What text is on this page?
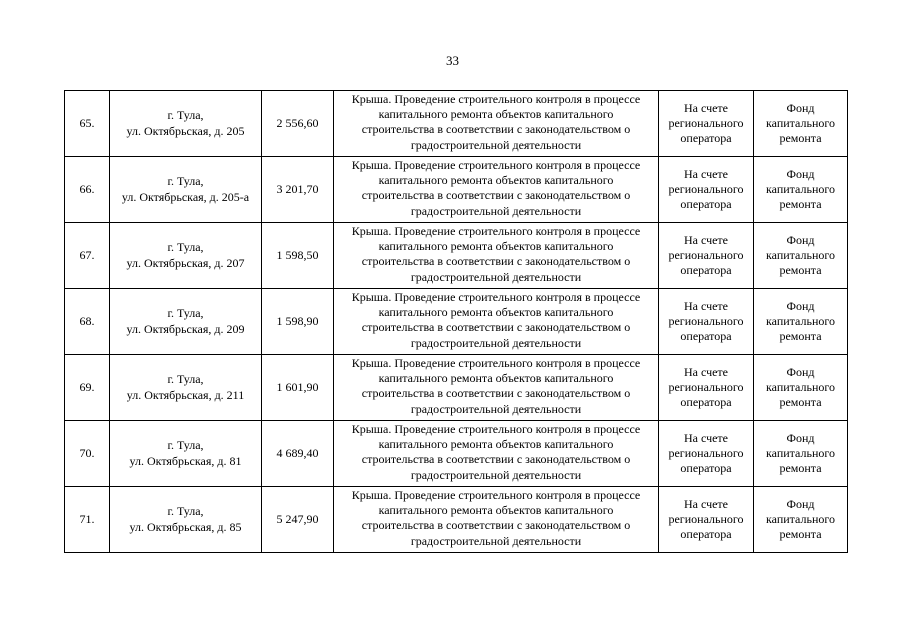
33
65.	г. Тула,
ул. Октябрьская, д. 205	2 556,60	Крыша. Проведение строительного контроля в процессе
капитального ремонта объектов капитального
строительства в соответствии с законодательством о
градостроительной деятельности	На счете
регионального
оператора	Фонд
капитального
ремонта

66.	г. Тула,
ул. Октябрьская, д. 205-а	3 201,70	Крыша. Проведение строительного контроля в процессе
капитального ремонта объектов капитального
строительства в соответствии с законодательством о
градостроительной деятельности	На счете
регионального
оператора	Фонд
капитального
ремонта

67.	г. Тула,
ул. Октябрьская, д. 207	1 598,50	Крыша. Проведение строительного контроля в процессе
капитального ремонта объектов капитального
строительства в соответствии с законодательством о
градостроительной деятельности	На счете
регионального
оператора	Фонд
капитального
ремонта

68.	г. Тула,
ул. Октябрьская, д. 209	1 598,90	Крыша. Проведение строительного контроля в процессе
капитального ремонта объектов капитального
строительства в соответствии с законодательством о
градостроительной деятельности	На счете
регионального
оператора	Фонд
капитального
ремонта

69.	г. Тула,
ул. Октябрьская, д. 211	1 601,90	Крыша. Проведение строительного контроля в процессе
капитального ремонта объектов капитального
строительства в соответствии с законодательством о
градостроительной деятельности	На счете
регионального
оператора	Фонд
капитального
ремонта

70.	г. Тула,
ул. Октябрьская, д. 81	4 689,40	Крыша. Проведение строительного контроля в процессе
капитального ремонта объектов капитального
строительства в соответствии с законодательством о
градостроительной деятельности	На счете
регионального
оператора	Фонд
капитального
ремонта

71.	г. Тула,
ул. Октябрьская, д. 85	5 247,90	Крыша. Проведение строительного контроля в процессе
капитального ремонта объектов капитального
строительства в соответствии с законодательством о
градостроительной деятельности	На счете
регионального
оператора	Фонд
капитального
ремонта
